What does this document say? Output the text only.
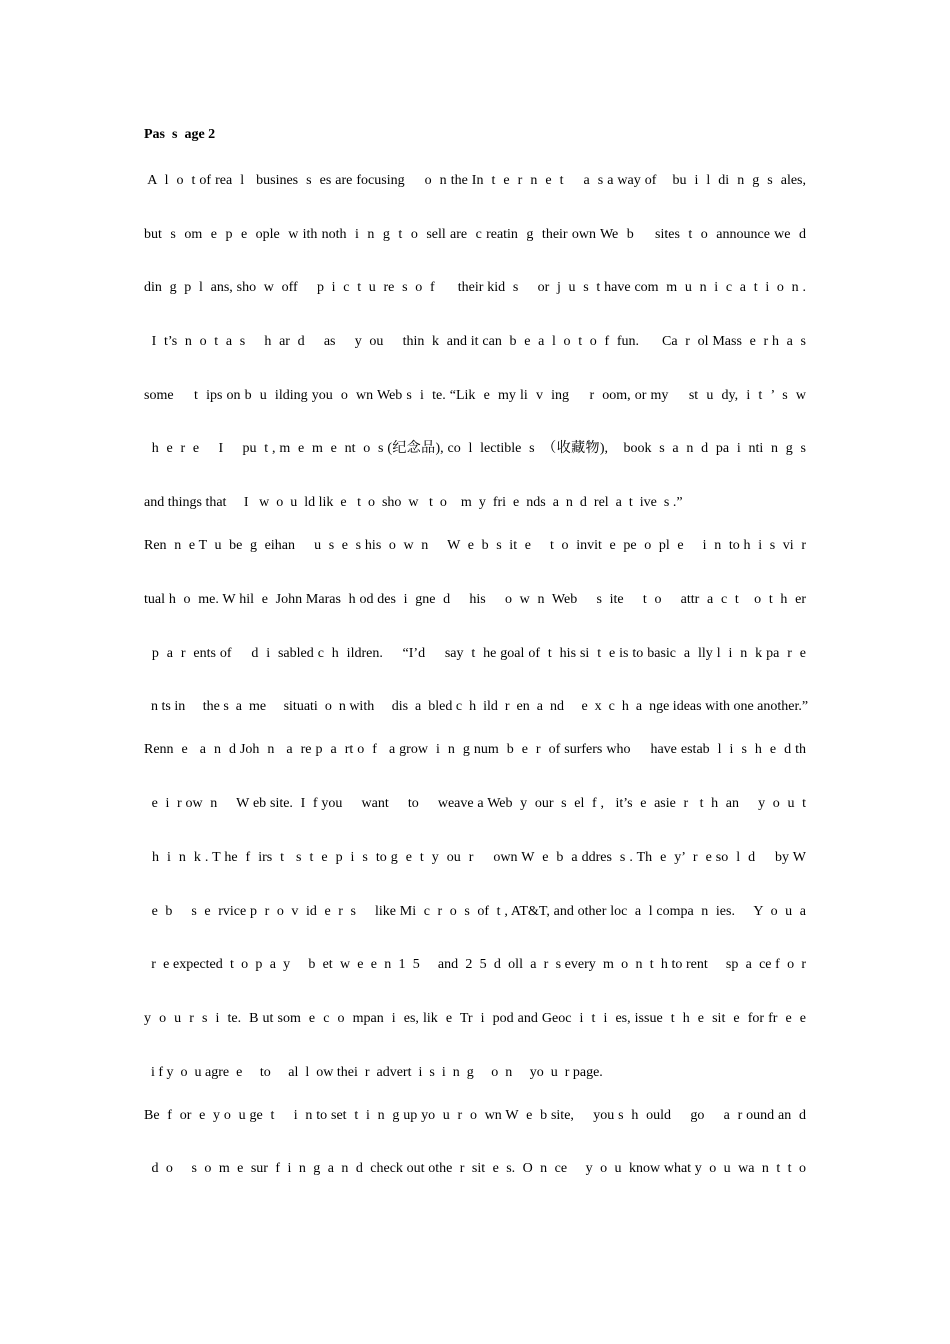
Pas  s  age 2
A  l  o  t of rea  l   busines  s  es are focusing     o  n the In  t  e  r  n  e  t     a  s a way of    bu  i  l  di  n  g  s  ales,
but  s  om  e  p  e  ople  w ith noth  i  n  g  t  o  sell are  c reatin  g  their own We  b     sites  t  o  announce we  d
din  g  p  l  ans, sho  w  off     p  i  c  t  u  re  s  o  f      their kid  s     or  j  u  s  t have com  m  u  n  i  c  a  t  i  o  n .
I  t’s  n  o  t  a  s     h  ar  d     as     y  ou     thin  k  and it can  b  e  a  l  o  t  o  f  fun.      Ca  r  ol Mass  e  r h  a  s
some     t  ips on b  u  ilding you  o  wn Web s  i  te. “Lik  e  my li  v  ing     r  oom, or my     st  u  dy,  i  t  ’  s  w
h  e  r  e     I     pu  t , m  e  m  e  nt  o  s (纪念品), co  l  lectible  s  （收藏物),    book  s  a  n  d  pa  i  nti  n  g  s
and things that     I   w  o  u  ld lik  e   t  o  sho  w   t  o    m  y  fri  e  nds  a  n  d  rel  a  t  ive  s .”
Ren  n  e T  u  be  g  eihan     u  s  e  s his  o  w  n     W  e  b  s  it  e     t  o  invit  e  pe  o  pl  e     i  n  to h  i  s  vi  r
tual h  o  me. W hil  e  John Maras  h od des  i  gne  d     his     o  w  n  Web     s  ite     t  o     attr  a  c  t    o  t  h  er
p  a  r  ents of     d  i  sabled c  h  ildren.     “I’d     say  t  he goal of  t  his si  t  e is to basic  a  lly l  i  n  k pa  r  e
n ts in     the s  a  me     situati  o  n with     dis  a  bled c  h  ild  r  en  a  nd     e  x  c  h  a  nge ideas with one another.”
Renn  e   a  n  d Joh  n   a  re p  a  rt o  f   a grow  i  n  g num  b  e  r  of surfers who     have estab  l  i  s  h  e  d th
e  i  r ow  n     W eb site.  I  f you     want     to     weave a Web  y  our  s  el  f ,   it’s  e  asie  r   t  h  an     y  o  u  t
h  i  n  k . T he  f  irs  t   s  t  e  p  i  s  to g  e  t  y  ou  r     own W  e  b  a ddres  s . Th  e  y’  r  e so  l  d     by W
e  b     s  e  rvice p  r  o  v  id  e  r  s     like Mi  c  r  o  s  of  t , AT&T, and other loc  a  l compa  n  ies.     Y  o  u  a
r  e expected  t  o  p  a  y     b  et  w  e  e  n  1  5     and  2  5  d  oll  a  r  s every  m  o  n  t  h to rent     sp  a  ce f  o  r
y  o  u  r  s  i  te.  B ut som  e  c  o  mpan  i  es, lik  e  Tr  i  pod and Geoc  i  t  i  es, issue  t  h  e  sit  e  for fr  e  e
i f y  o  u agre  e     to     al  l  ow thei  r  advert  i  s  i  n  g     o  n     yo  u  r page.
Be  f  or  e  y o  u ge  t     i  n to set  t  i  n  g up yo  u  r  o  wn W  e  b site,     you s  h  ould     go     a  r ound an  d
d  o     s  o  m  e  sur  f  i  n  g  a  n  d  check out othe  r  sit  e  s.  O  n  ce     y  o  u  know what y  o  u  wa  n  t  t  o
